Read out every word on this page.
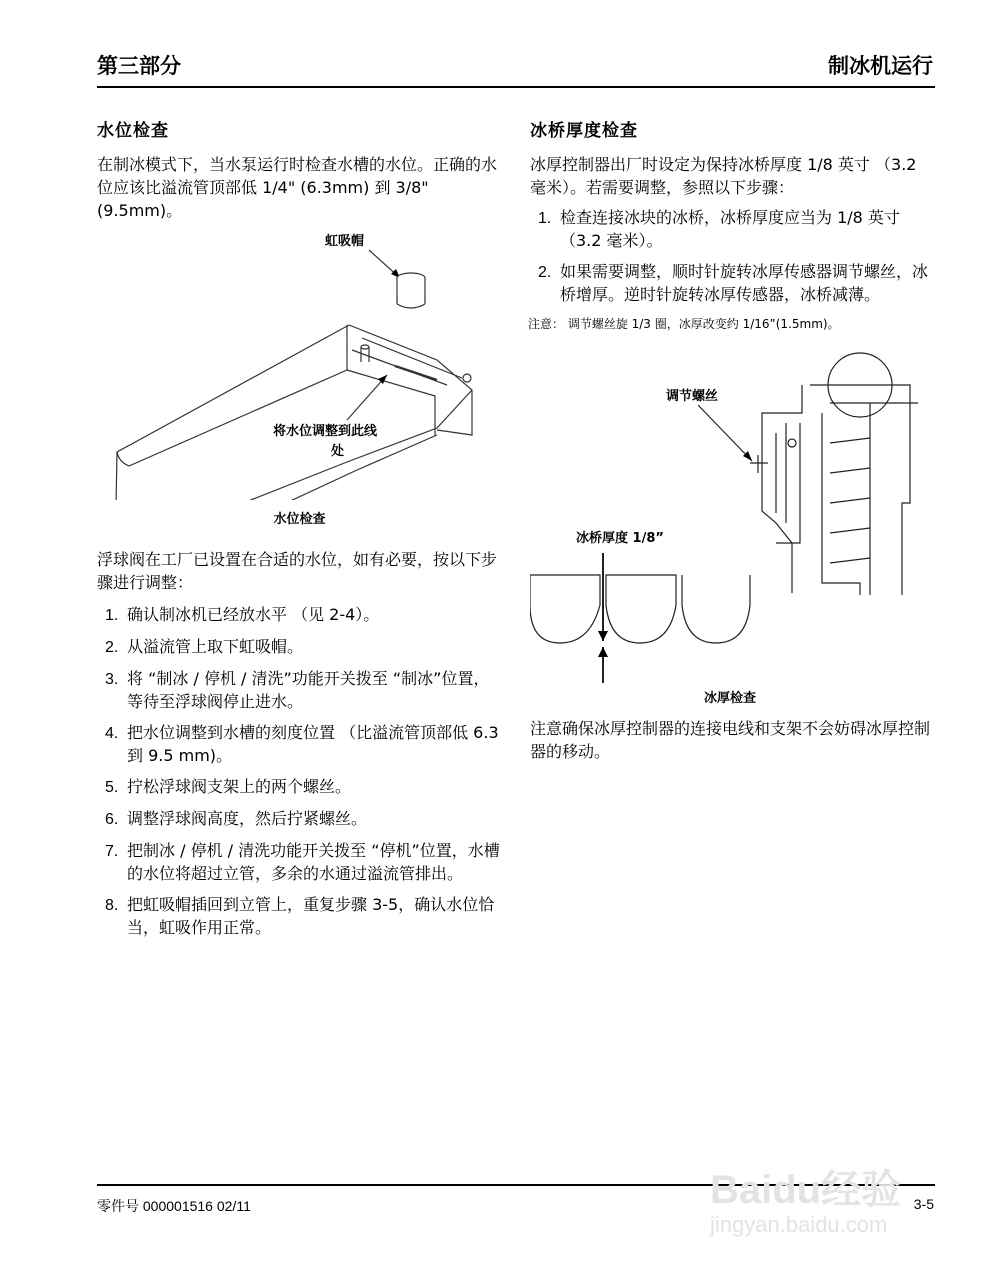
第三部分	制冰机运行
水位检查

在制冰模式下，当水泵运行时检查水槽的水位。正确的水位应该比溢流管顶部低 1/4" (6.3mm) 到 3/8" (9.5mm)。

虹吸帽
将水位调整到此线
处
水位检查

浮球阀在工厂已设置在合适的水位，如有必要，按以下步骤进行调整：

1. 确认制冰机已经放水平 （见 2-4）。
2. 从溢流管上取下虹吸帽。
3. 将 “制冰 / 停机 / 清洗”功能开关拨至 “制冰”位置，等待至浮球阀停止进水。
4. 把水位调整到水槽的刻度位置 （比溢流管顶部低 6.3 到 9.5 mm)。
5. 拧松浮球阀支架上的两个螺丝。
6. 调整浮球阀高度，然后拧紧螺丝。
7. 把制冰 / 停机 / 清洗功能开关拨至 “停机”位置，水槽的水位将超过立管，多余的水通过溢流管排出。
8. 把虹吸帽插回到立管上，重复步骤 3-5，确认水位恰当，虹吸作用正常。
冰桥厚度检查

冰厚控制器出厂时设定为保持冰桥厚度 1/8 英寸 （3.2 毫米）。若需要调整，参照以下步骤：

1. 检查连接冰块的冰桥，冰桥厚度应当为 1/8 英寸 （3.2 毫米）。
2. 如果需要调整，顺时针旋转冰厚传感器调节螺丝，冰桥增厚。逆时针旋转冰厚传感器，冰桥减薄。
注意： 调节螺丝旋 1/3 圈，冰厚改变约 1/16”(1.5mm)。
调节螺丝
冰桥厚度 1/8”
冰厚检查

注意确保冰厚控制器的连接电线和支架不会妨碍冰厚控制器的移动。

零件号 000001516 02/11	3-5
Baidu经验
jingyan.baidu.com
